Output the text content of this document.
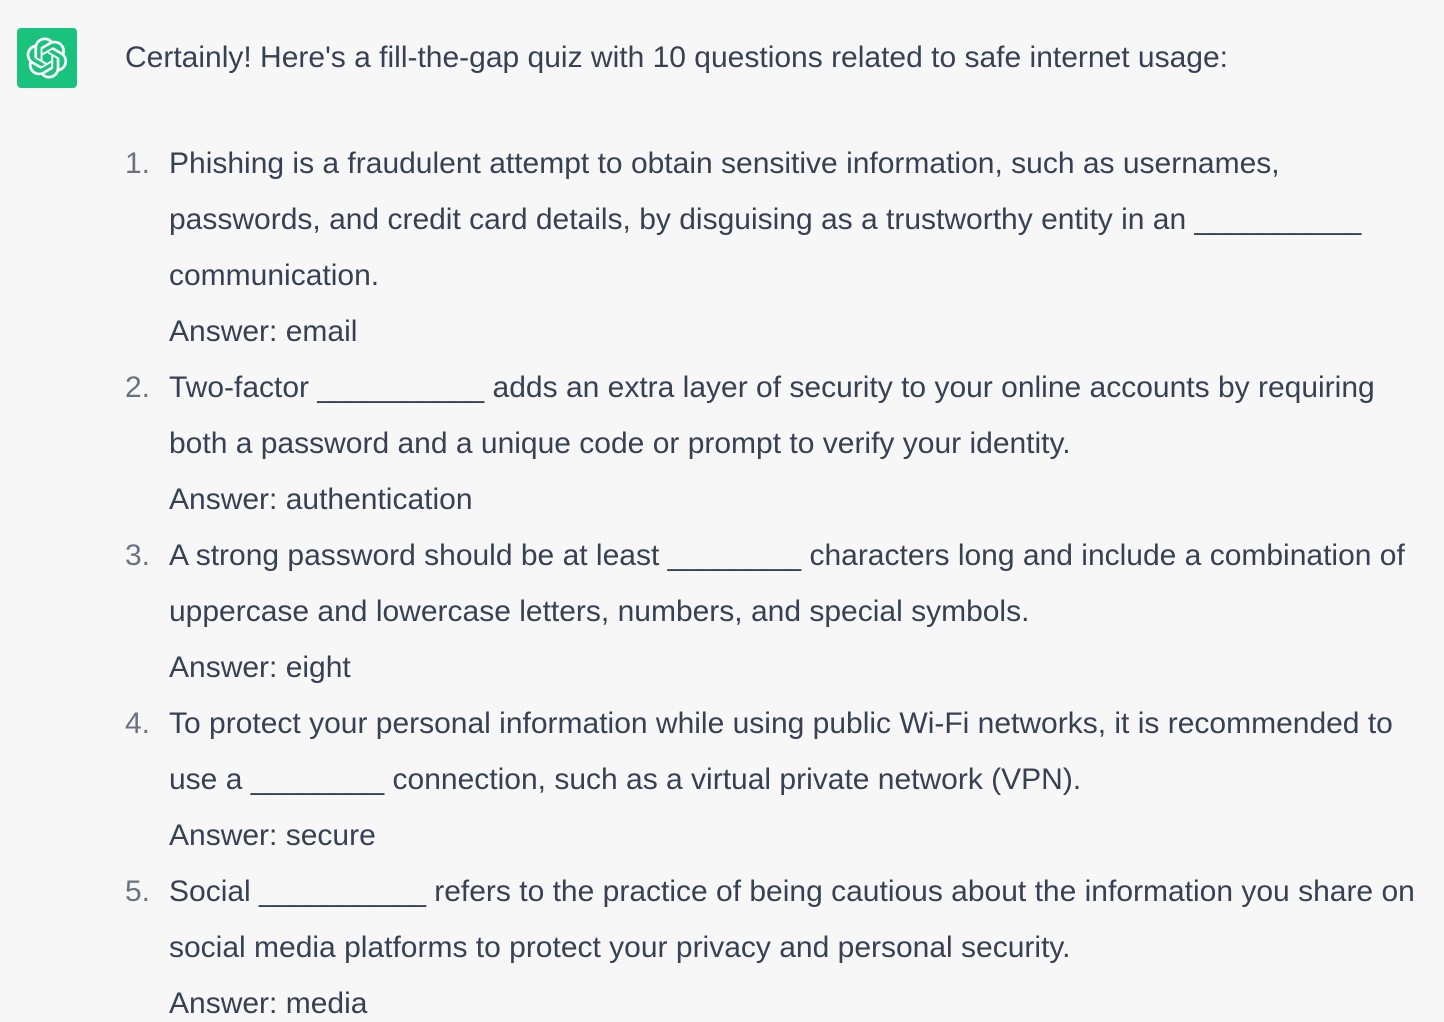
Certainly! Here's a fill-the-gap quiz with 10 questions related to safe internet usage:

1. Phishing is a fraudulent attempt to obtain sensitive information, such as usernames, passwords, and credit card details, by disguising as a trustworthy entity in an __________ communication.
Answer: email
2. Two-factor __________ adds an extra layer of security to your online accounts by requiring both a password and a unique code or prompt to verify your identity.
Answer: authentication
3. A strong password should be at least ________ characters long and include a combination of uppercase and lowercase letters, numbers, and special symbols.
Answer: eight
4. To protect your personal information while using public Wi-Fi networks, it is recommended to use a ________ connection, such as a virtual private network (VPN).
Answer: secure
5. Social __________ refers to the practice of being cautious about the information you share on social media platforms to protect your privacy and personal security.
Answer: media
